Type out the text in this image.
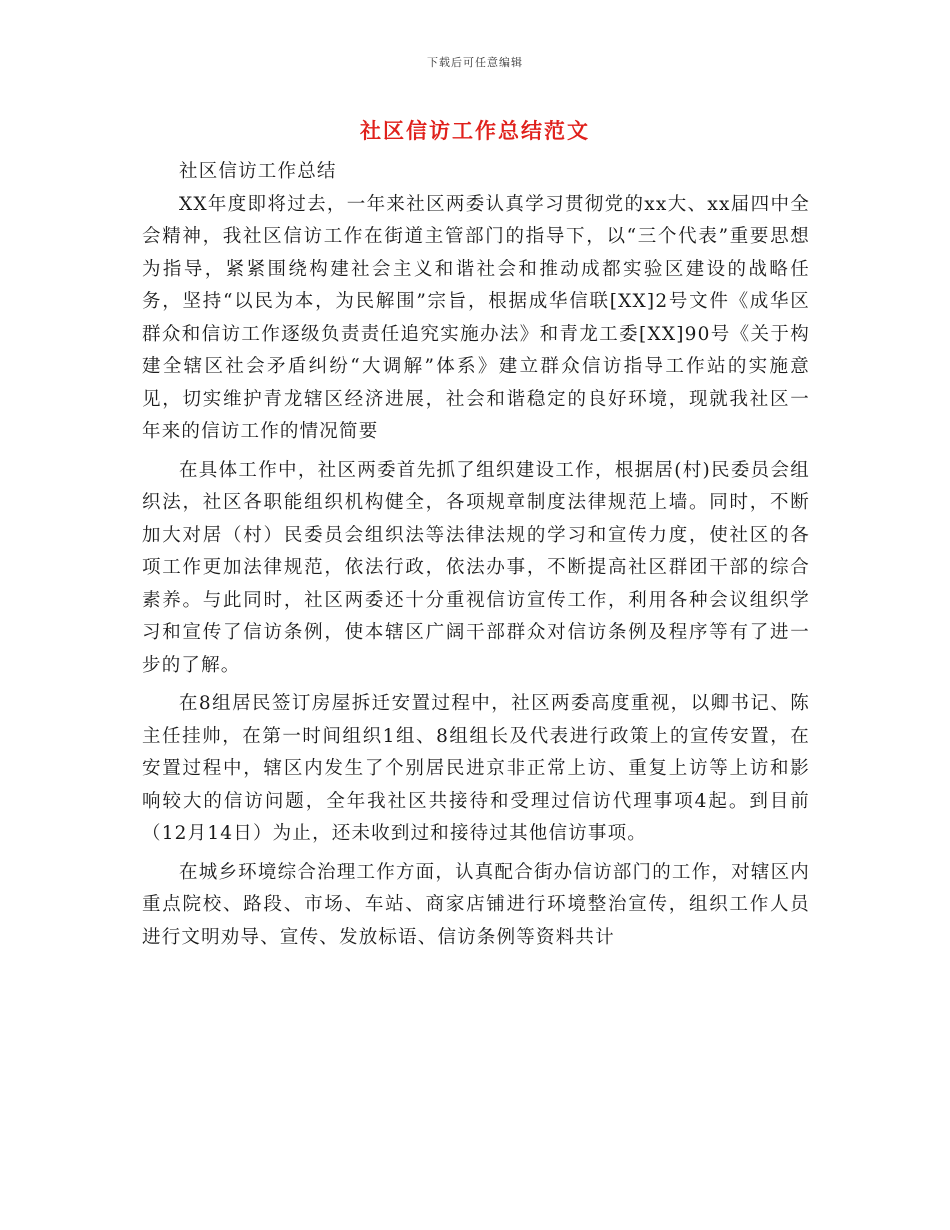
下载后可任意编辑
社区信访工作总结范文

社区信访工作总结

XX年度即将过去，一年来社区两委认真学习贯彻党的xx大、xx届四中全会精神，我社区信访工作在街道主管部门的指导下，以“三个代表”重要思想为指导，紧紧围绕构建社会主义和谐社会和推动成都实验区建设的战略任务，坚持“以民为本，为民解围”宗旨，根据成华信联[XX]2号文件《成华区群众和信访工作逐级负责责任追究实施办法》和青龙工委[XX]90号《关于构建全辖区社会矛盾纠纷“大调解”体系》建立群众信访指导工作站的实施意见，切实维护青龙辖区经济进展，社会和谐稳定的良好环境，现就我社区一年来的信访工作的情况简要

在具体工作中，社区两委首先抓了组织建设工作，根据居(村)民委员会组织法，社区各职能组织机构健全，各项规章制度法律规范上墙。同时，不断加大对居（村）民委员会组织法等法律法规的学习和宣传力度，使社区的各项工作更加法律规范，依法行政，依法办事，不断提高社区群团干部的综合素养。与此同时，社区两委还十分重视信访宣传工作，利用各种会议组织学习和宣传了信访条例，使本辖区广阔干部群众对信访条例及程序等有了进一步的了解。

在8组居民签订房屋拆迁安置过程中，社区两委高度重视，以卿书记、陈主任挂帅，在第一时间组织1组、8组组长及代表进行政策上的宣传安置，在安置过程中，辖区内发生了个别居民进京非正常上访、重复上访等上访和影响较大的信访问题，全年我社区共接待和受理过信访代理事项4起。到目前（12月14日）为止，还未收到过和接待过其他信访事项。

在城乡环境综合治理工作方面，认真配合街办信访部门的工作，对辖区内重点院校、路段、市场、车站、商家店铺进行环境整治宣传，组织工作人员进行文明劝导、宣传、发放标语、信访条例等资料共计
